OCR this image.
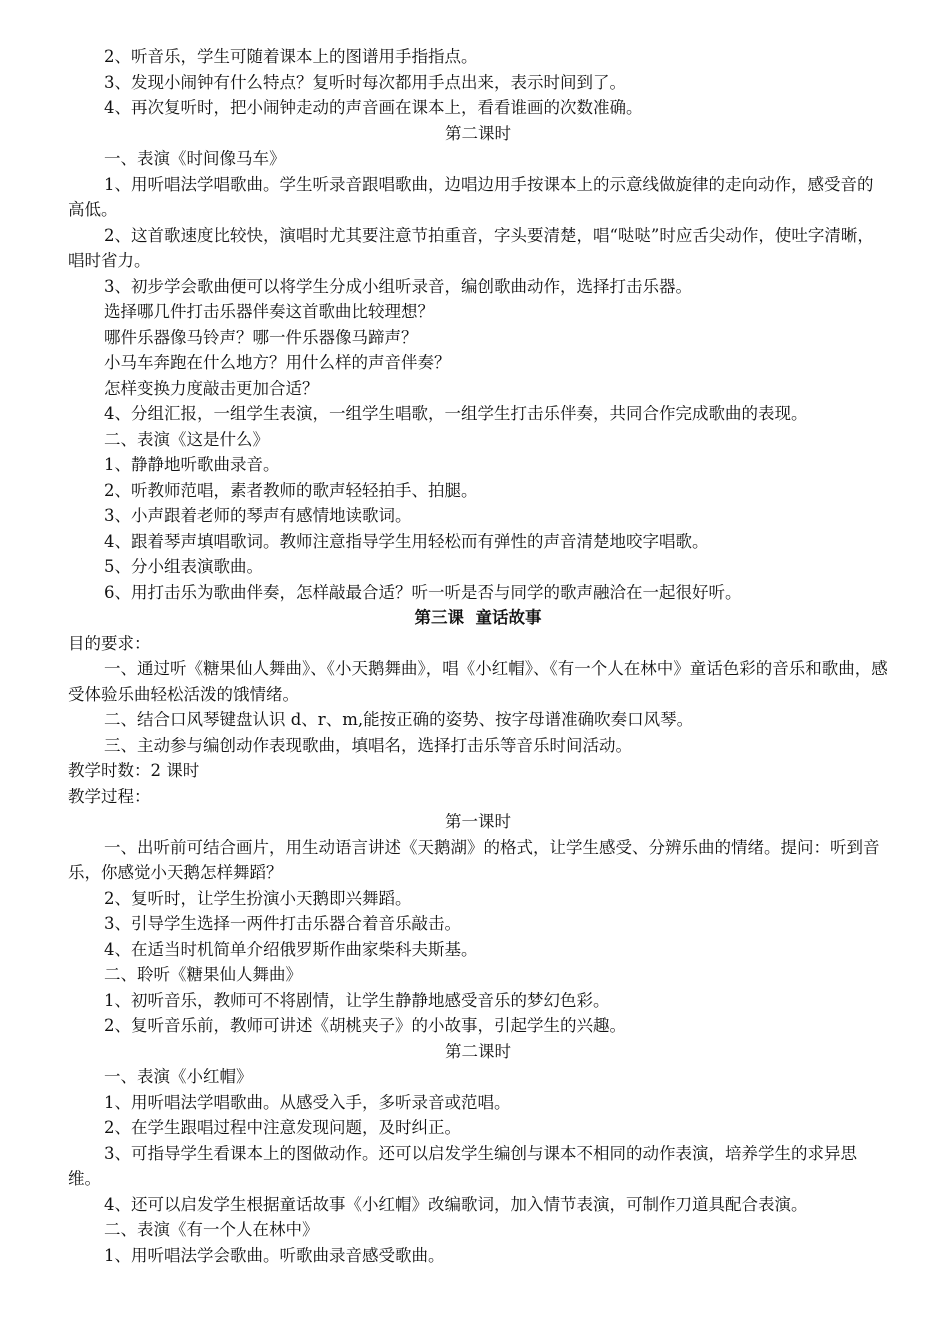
2、听音乐，学生可随着课本上的图谱用手指指点。

3、发现小闹钟有什么特点？复听时每次都用手点出来，表示时间到了。

4、再次复听时，把小闹钟走动的声音画在课本上，看看谁画的次数准确。

第二课时

一、表演《时间像马车》

1、用听唱法学唱歌曲。学生听录音跟唱歌曲，边唱边用手按课本上的示意线做旋律的走向动作，感受音的高低。

2、这首歌速度比较快，演唱时尤其要注意节拍重音，字头要清楚，唱“哒哒”时应舌尖动作，使吐字清晰，唱时省力。

3、初步学会歌曲便可以将学生分成小组听录音，编创歌曲动作，选择打击乐器。

选择哪几件打击乐器伴奏这首歌曲比较理想？

哪件乐器像马铃声？哪一件乐器像马蹄声？

小马车奔跑在什么地方？用什么样的声音伴奏？

怎样变换力度敲击更加合适？

4、分组汇报，一组学生表演，一组学生唱歌，一组学生打击乐伴奏，共同合作完成歌曲的表现。

二、表演《这是什么》

1、静静地听歌曲录音。

2、听教师范唱，素者教师的歌声轻轻拍手、拍腿。

3、小声跟着老师的琴声有感情地读歌词。

4、跟着琴声填唱歌词。教师注意指导学生用轻松而有弹性的声音清楚地咬字唱歌。

5、分小组表演歌曲。

6、用打击乐为歌曲伴奏，怎样敲最合适？听一听是否与同学的歌声融洽在一起很好听。

第三课  童话故事

目的要求：

一、通过听《糖果仙人舞曲》、《小天鹅舞曲》，唱《小红帽》、《有一个人在林中》童话色彩的音乐和歌曲，感受体验乐曲轻松活泼的饿情绪。

二、结合口风琴键盘认识 d、r、m,能按正确的姿势、按字母谱准确吹奏口风琴。

三、主动参与编创动作表现歌曲，填唱名，选择打击乐等音乐时间活动。

教学时数：2 课时

教学过程：

第一课时

一、出听前可结合画片，用生动语言讲述《天鹅湖》的格式，让学生感受、分辨乐曲的情绪。提问：听到音乐，你感觉小天鹅怎样舞蹈？

2、复听时，让学生扮演小天鹅即兴舞蹈。

3、引导学生选择一两件打击乐器合着音乐敲击。

4、在适当时机简单介绍俄罗斯作曲家柴科夫斯基。

二、聆听《糖果仙人舞曲》

1、初听音乐，教师可不将剧情，让学生静静地感受音乐的梦幻色彩。

2、复听音乐前，教师可讲述《胡桃夹子》的小故事，引起学生的兴趣。

第二课时

一、表演《小红帽》

1、用听唱法学唱歌曲。从感受入手，多听录音或范唱。

2、在学生跟唱过程中注意发现问题，及时纠正。

3、可指导学生看课本上的图做动作。还可以启发学生编创与课本不相同的动作表演，培养学生的求异思维。

4、还可以启发学生根据童话故事《小红帽》改编歌词，加入情节表演，可制作刀道具配合表演。

二、表演《有一个人在林中》

1、用听唱法学会歌曲。听歌曲录音感受歌曲。
